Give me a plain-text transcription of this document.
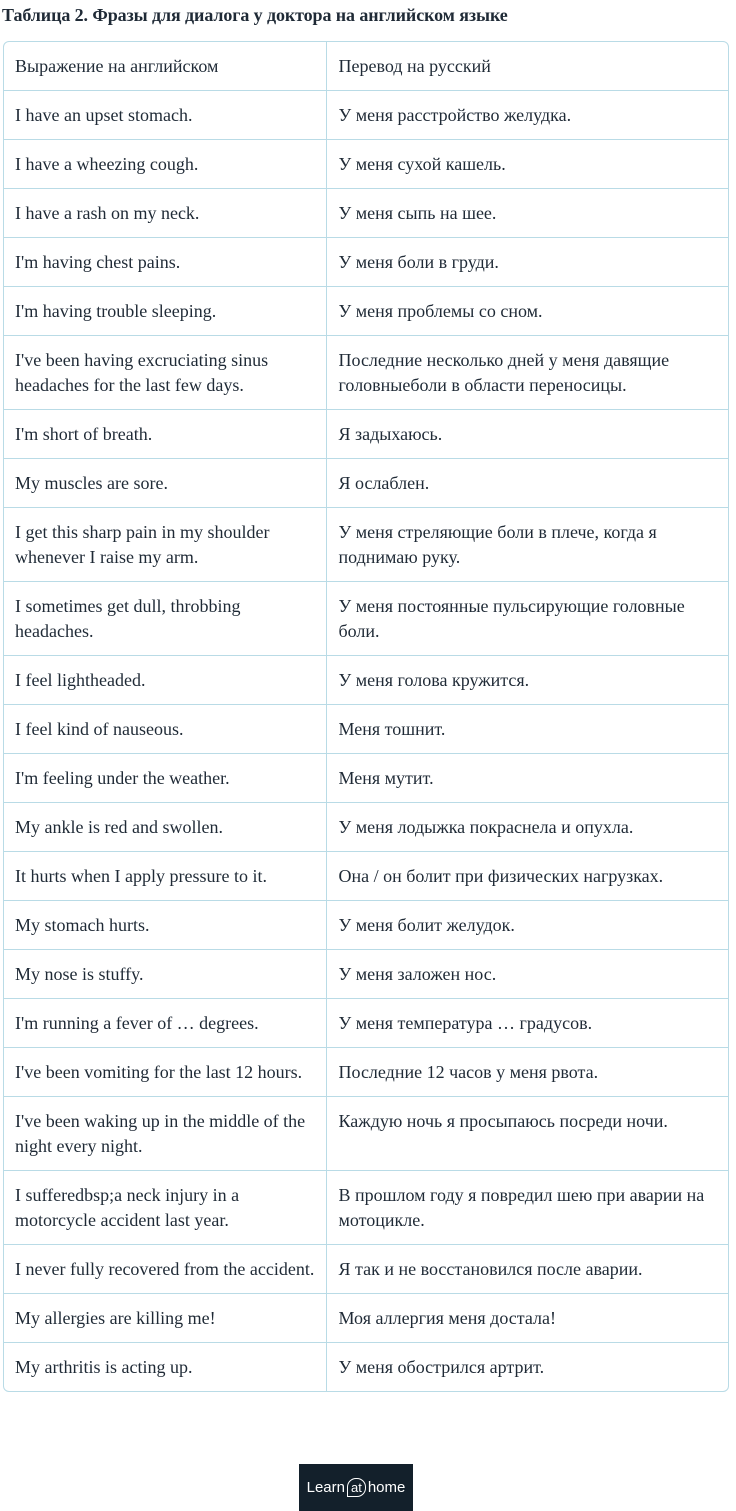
Таблица 2. Фразы для диалога у доктора на английском языке
Выражение на английском	Перевод на русский
I have an upset stomach.	У меня расстройство желудка.
I have a wheezing cough.	У меня сухой кашель.
I have a rash on my neck.	У меня сыпь на шее.
I'm having chest pains.	У меня боли в груди.
I'm having trouble sleeping.	У меня проблемы со сном.
I've been having excruciating sinus headaches for the last few days.	Последние несколько дней у меня давящие головныеболи в области переносицы.
I'm short of breath.	Я задыхаюсь.
My muscles are sore.	Я ослаблен.
I get this sharp pain in my shoulder whenever I raise my arm.	У меня стреляющие боли в плече, когда я поднимаю руку.
I sometimes get dull, throbbing headaches.	У меня постоянные пульсирующие головные боли.
I feel lightheaded.	У меня голова кружится.
I feel kind of nauseous.	Меня тошнит.
I'm feeling under the weather.	Меня мутит.
My ankle is red and swollen.	У меня лодыжка покраснела и опухла.
It hurts when I apply pressure to it.	Она / он болит при физических нагрузках.
My stomach hurts.	У меня болит желудок.
My nose is stuffy.	У меня заложен нос.
I'm running a fever of … degrees.	У меня температура … градусов.
I've been vomiting for the last 12 hours.	Последние 12 часов у меня рвота.
I've been waking up in the middle of the night every night.	Каждую ночь я просыпаюсь посреди ночи.
I sufferedbsp;a neck injury in a motorcycle accident last year.	В прошлом году я повредил шею при аварии на мотоцикле.
I never fully recovered from the accident.	Я так и не восстановился после аварии.
My allergies are killing me!	Моя аллергия меня достала!
My arthritis is acting up.	У меня обострился артрит.
Learn at home
